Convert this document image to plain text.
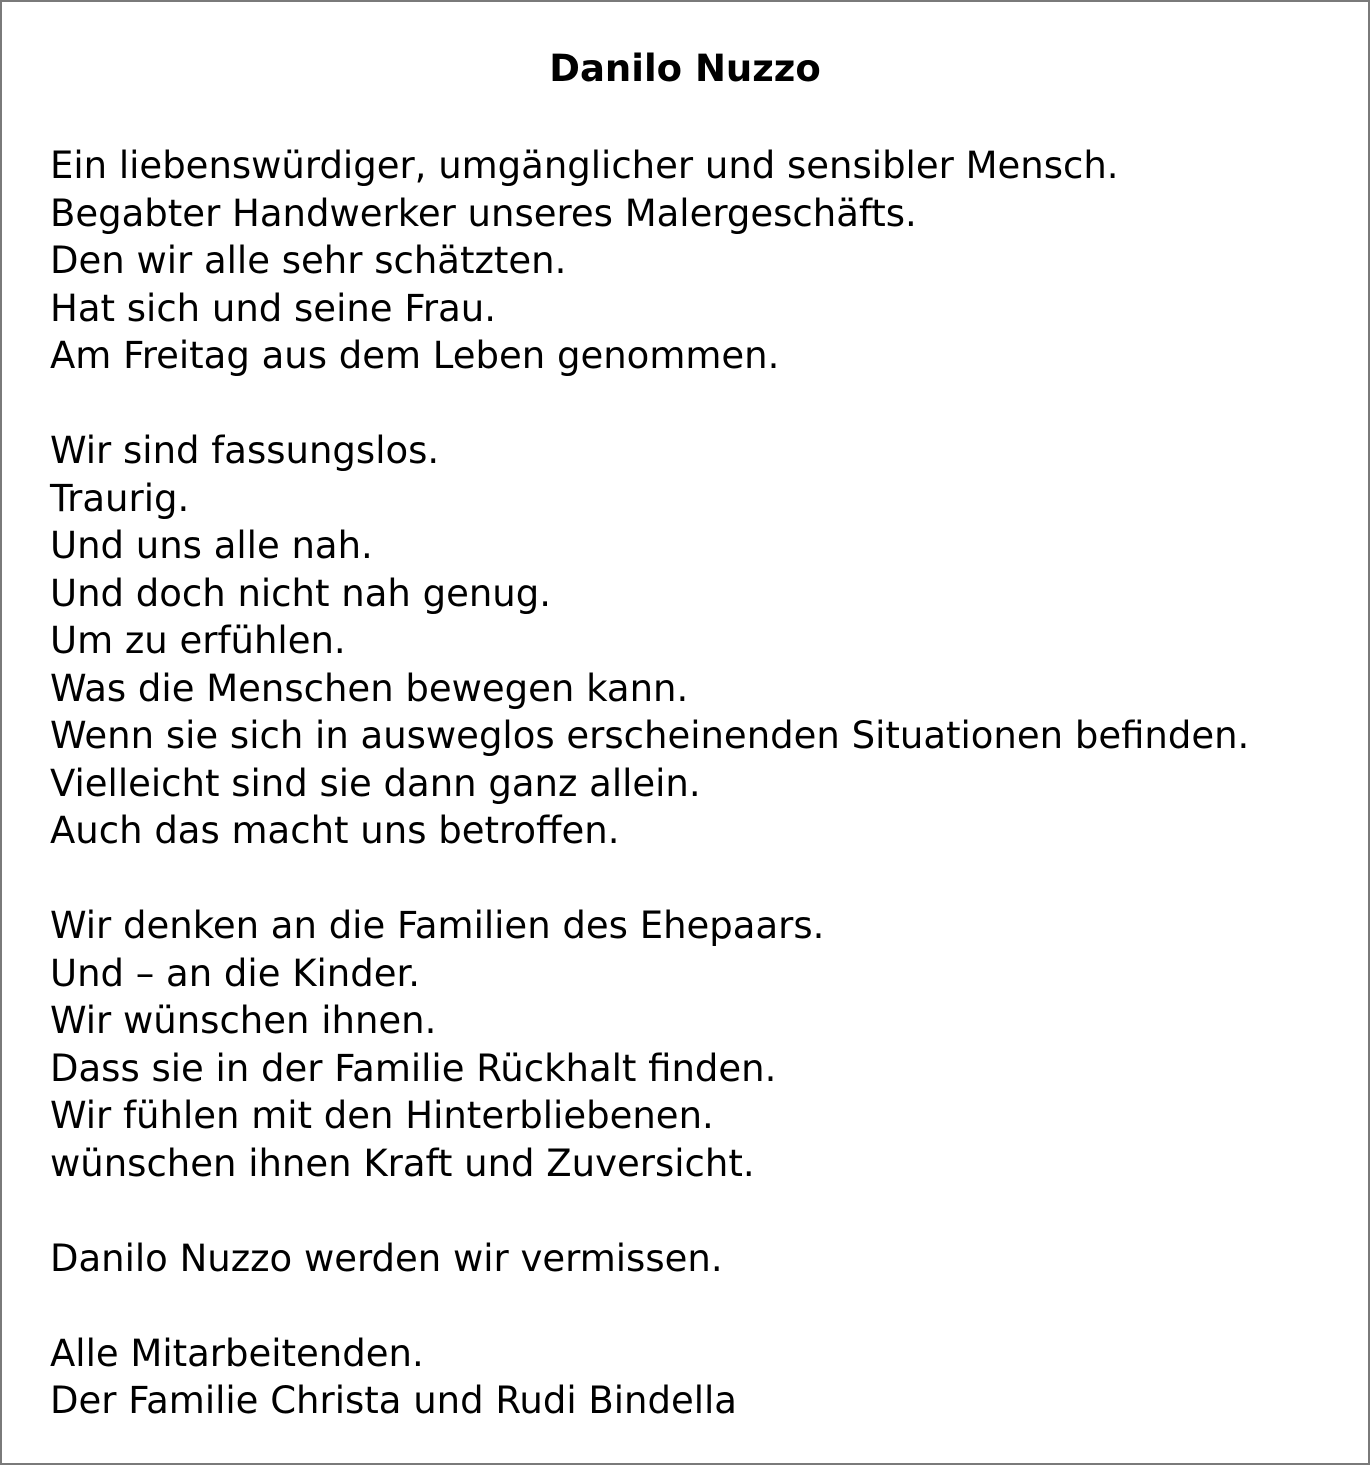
Danilo Nuzzo
Ein liebenswürdiger, umgänglicher und sensibler Mensch.
Begabter Handwerker unseres Malergeschäfts.
Den wir alle sehr schätzten.
Hat sich und seine Frau.
Am Freitag aus dem Leben genommen.
Wir sind fassungslos.
Traurig.
Und uns alle nah.
Und doch nicht nah genug.
Um zu erfühlen.
Was die Menschen bewegen kann.
Wenn sie sich in ausweglos erscheinenden Situationen befinden.
Vielleicht sind sie dann ganz allein.
Auch das macht uns betroffen.
Wir denken an die Familien des Ehepaars.
Und – an die Kinder.
Wir wünschen ihnen.
Dass sie in der Familie Rückhalt finden.
Wir fühlen mit den Hinterbliebenen.
wünschen ihnen Kraft und Zuversicht.
Danilo Nuzzo werden wir vermissen.
Alle Mitarbeitenden.
Der Familie Christa und Rudi Bindella
